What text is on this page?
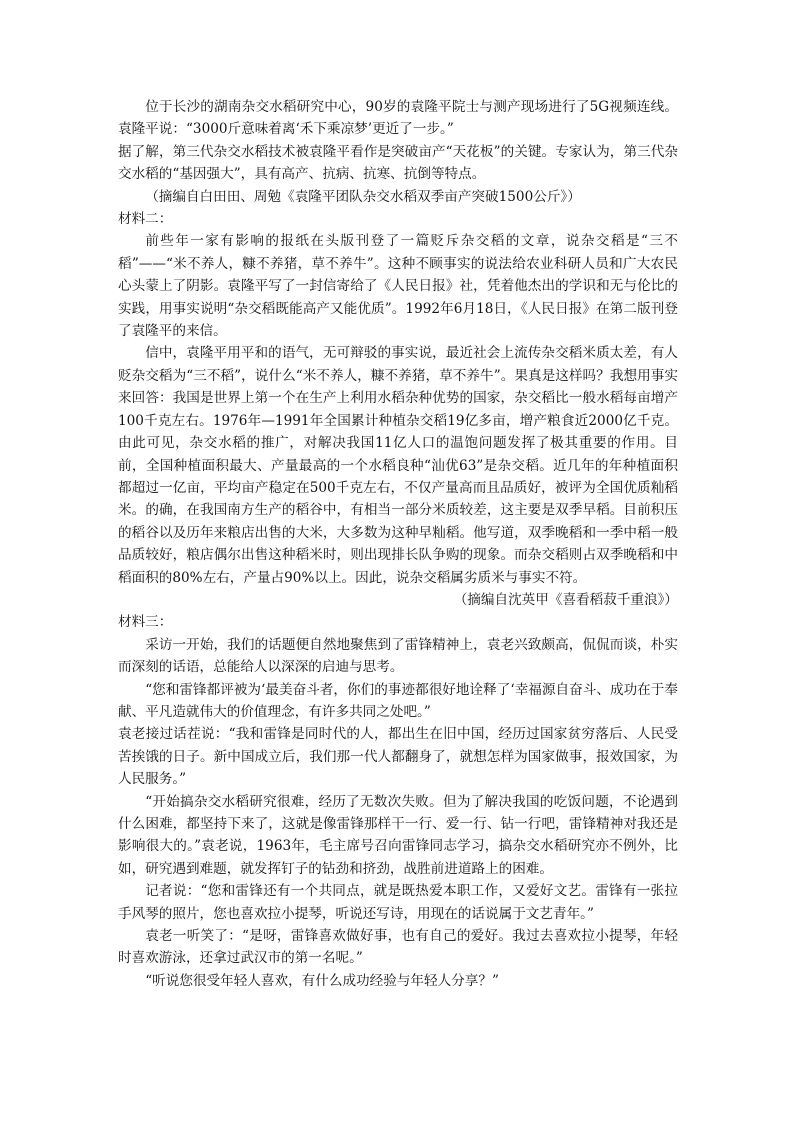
位于长沙的湖南杂交水稻研究中心，90岁的袁隆平院士与测产现场进行了5G视频连线。袁隆平说：“3000斤意味着离‘禾下乘凉梦’更近了一步。”

据了解，第三代杂交水稻技术被袁隆平看作是突破亩产“天花板”的关键。专家认为，第三代杂交水稻的“基因强大”，具有高产、抗病、抗寒、抗倒等特点。

（摘编自白田田、周勉《袁隆平团队杂交水稻双季亩产突破1500公斤》）

材料二：

前些年一家有影响的报纸在头版刊登了一篇贬斥杂交稻的文章，说杂交稻是“三不稻”——“米不养人，糠不养猪，草不养牛”。这种不顾事实的说法给农业科研人员和广大农民心头蒙上了阴影。袁隆平写了一封信寄给了《人民日报》社，凭着他杰出的学识和无与伦比的实践，用事实说明“杂交稻既能高产又能优质”。1992年6月18日，《人民日报》在第二版刊登了袁隆平的来信。

信中，袁隆平用平和的语气，无可辩驳的事实说，最近社会上流传杂交稻米质太差，有人贬杂交稻为“三不稻”，说什么“米不养人，糠不养猪，草不养牛”。果真是这样吗？我想用事实来回答：我国是世界上第一个在生产上利用水稻杂种优势的国家，杂交稻比一般水稻每亩增产100千克左右。1976年—1991年全国累计种植杂交稻19亿多亩，增产粮食近2000亿千克。由此可见，杂交水稻的推广，对解决我国11亿人口的温饱问题发挥了极其重要的作用。目前，全国种植面积最大、产量最高的一个水稻良种“汕优63”是杂交稻。近几年的年种植面积都超过一亿亩，平均亩产稳定在500千克左右，不仅产量高而且品质好，被评为全国优质籼稻米。的确，在我国南方生产的稻谷中，有相当一部分米质较差，这主要是双季早稻。目前积压的稻谷以及历年来粮店出售的大米，大多数为这种早籼稻。他写道，双季晚稻和一季中稻一般品质较好，粮店偶尔出售这种稻米时，则出现排长队争购的现象。而杂交稻则占双季晚稻和中稻面积的80%左右，产量占90%以上。因此，说杂交稻属劣质米与事实不符。

（摘编自沈英甲《喜看稻菽千重浪》）

材料三：

采访一开始，我们的话题便自然地聚焦到了雷锋精神上，袁老兴致颇高，侃侃而谈，朴实而深刻的话语，总能给人以深深的启迪与思考。

“您和雷锋都评被为‘最美奋斗者，你们的事迹都很好地诠释了‘幸福源自奋斗、成功在于奉献、平凡造就伟大的价值理念，有许多共同之处吧。”

袁老接过话茬说：“我和雷锋是同时代的人，都出生在旧中国，经历过国家贫穷落后、人民受苦挨饿的日子。新中国成立后，我们那一代人都翻身了，就想怎样为国家做事，报效国家，为人民服务。”

“开始搞杂交水稻研究很难，经历了无数次失败。但为了解决我国的吃饭问题，不论遇到什么困难，都坚持下来了，这就是像雷锋那样干一行、爱一行、钻一行吧，雷锋精神对我还是影响很大的。”袁老说，1963年，毛主席号召向雷锋同志学习，搞杂交水稻研究亦不例外，比如，研究遇到难题，就发挥钉子的钻劲和挤劲，战胜前进道路上的困难。

记者说：“您和雷锋还有一个共同点，就是既热爱本职工作，又爱好文艺。雷锋有一张拉手风琴的照片，您也喜欢拉小提琴，听说还写诗，用现在的话说属于文艺青年。”

袁老一听笑了：“是呀，雷锋喜欢做好事，也有自己的爱好。我过去喜欢拉小提琴，年轻时喜欢游泳，还拿过武汉市的第一名呢。”

“听说您很受年轻人喜欢，有什么成功经验与年轻人分享？”
